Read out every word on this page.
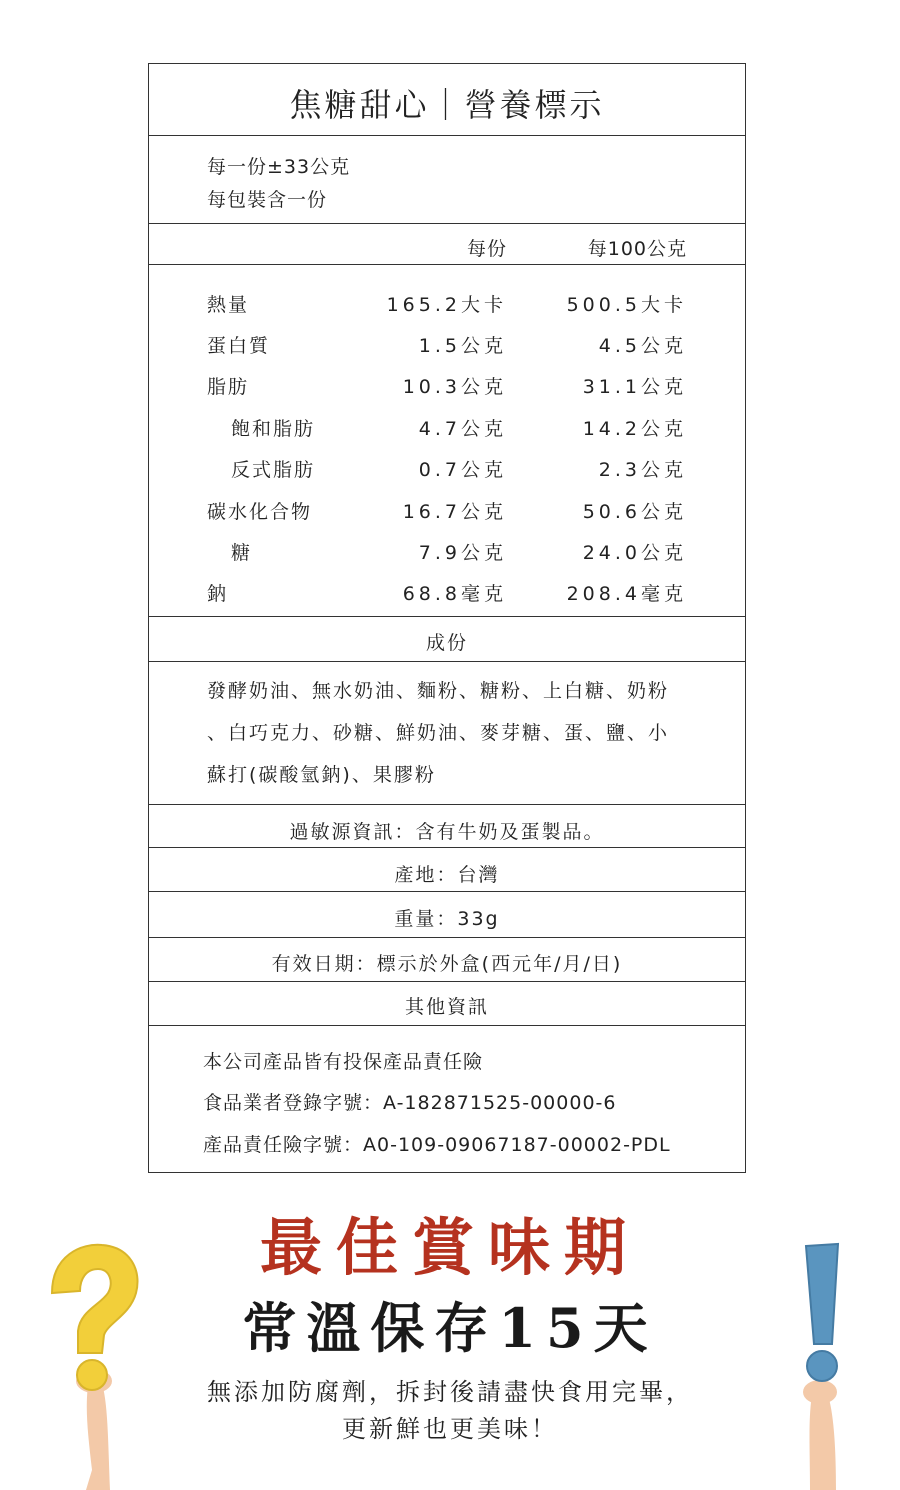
焦糖甜心｜營養標示
每一份±33公克
每包裝含一份
每份	每100公克
熱量	165.2大卡	500.5大卡
蛋白質	1.5公克	4.5公克
脂肪	10.3公克	31.1公克
飽和脂肪	4.7公克	14.2公克
反式脂肪	0.7公克	2.3公克
碳水化合物	16.7公克	50.6公克
糖	7.9公克	24.0公克
鈉	68.8毫克	208.4毫克
成份
發酵奶油、無水奶油、麵粉、糖粉、上白糖、奶粉
、白巧克力、砂糖、鮮奶油、麥芽糖、蛋、鹽、小
蘇打(碳酸氫鈉)、果膠粉
過敏源資訊：含有牛奶及蛋製品。
產地：台灣
重量：33g
有效日期：標示於外盒(西元年/月/日)
其他資訊
本公司產品皆有投保產品責任險
食品業者登錄字號：A-182871525-00000-6
產品責任險字號：A0-109-09067187-00002-PDL
最佳賞味期
常溫保存15天
無添加防腐劑，拆封後請盡快食用完畢，
更新鮮也更美味！
